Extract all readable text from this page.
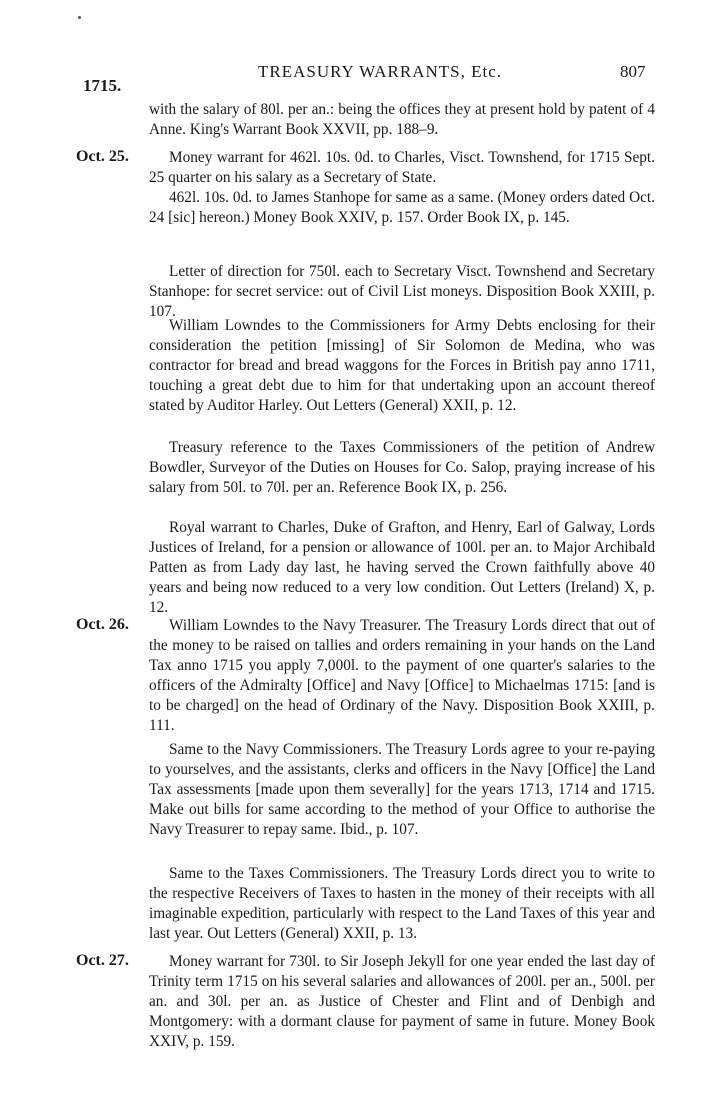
1715.
TREASURY WARRANTS, Etc.	807

with the salary of 80l. per an.: being the offices they at present hold by patent of 4 Anne. King's Warrant Book XXVII, pp. 188–9.

Oct. 25.	Money warrant for 462l. 10s. 0d. to Charles, Visct. Townshend, for 1715 Sept. 25 quarter on his salary as a Secretary of State.

462l. 10s. 0d. to James Stanhope for same as a same. (Money orders dated Oct. 24 [sic] hereon.) Money Book XXIV, p. 157. Order Book IX, p. 145.

Letter of direction for 750l. each to Secretary Visct. Townshend and Secretary Stanhope: for secret service: out of Civil List moneys. Disposition Book XXIII, p. 107.

William Lowndes to the Commissioners for Army Debts enclosing for their consideration the petition [missing] of Sir Solomon de Medina, who was contractor for bread and bread waggons for the Forces in British pay anno 1711, touching a great debt due to him for that undertaking upon an account thereof stated by Auditor Harley. Out Letters (General) XXII, p. 12.

Treasury reference to the Taxes Commissioners of the petition of Andrew Bowdler, Surveyor of the Duties on Houses for Co. Salop, praying increase of his salary from 50l. to 70l. per an. Reference Book IX, p. 256.

Royal warrant to Charles, Duke of Grafton, and Henry, Earl of Galway, Lords Justices of Ireland, for a pension or allowance of 100l. per an. to Major Archibald Patten as from Lady day last, he having served the Crown faithfully above 40 years and being now reduced to a very low condition. Out Letters (Ireland) X, p. 12.

Oct. 26.	William Lowndes to the Navy Treasurer. The Treasury Lords direct that out of the money to be raised on tallies and orders remaining in your hands on the Land Tax anno 1715 you apply 7,000l. to the payment of one quarter's salaries to the officers of the Admiralty [Office] and Navy [Office] to Michaelmas 1715: [and is to be charged] on the head of Ordinary of the Navy. Disposition Book XXIII, p. 111.

Same to the Navy Commissioners. The Treasury Lords agree to your re-paying to yourselves, and the assistants, clerks and officers in the Navy [Office] the Land Tax assessments [made upon them severally] for the years 1713, 1714 and 1715. Make out bills for same according to the method of your Office to authorise the Navy Treasurer to repay same. Ibid., p. 107.

Same to the Taxes Commissioners. The Treasury Lords direct you to write to the respective Receivers of Taxes to hasten in the money of their receipts with all imaginable expedition, particularly with respect to the Land Taxes of this year and last year. Out Letters (General) XXII, p. 13.

Oct. 27.	Money warrant for 730l. to Sir Joseph Jekyll for one year ended the last day of Trinity term 1715 on his several salaries and allowances of 200l. per an., 500l. per an. and 30l. per an. as Justice of Chester and Flint and of Denbigh and Montgomery: with a dormant clause for payment of same in future. Money Book XXIV, p. 159.
